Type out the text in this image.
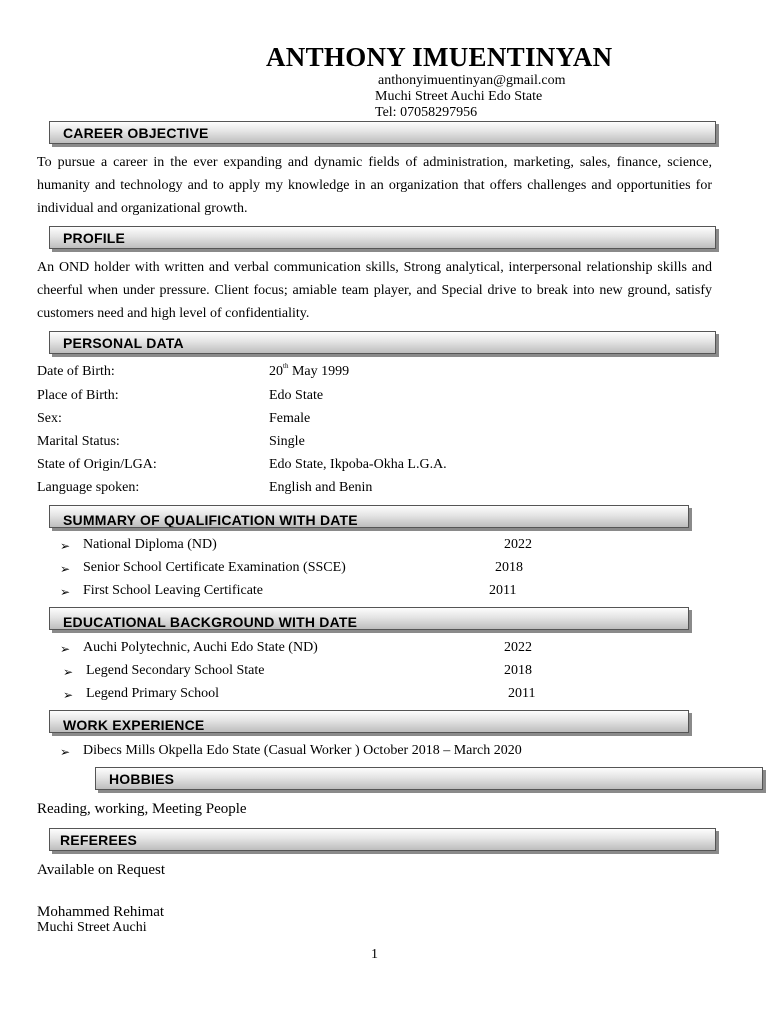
ANTHONY IMUENTINYAN
anthonyimuentinyan@gmail.com
Muchi Street Auchi Edo State
Tel: 07058297956
CAREER OBJECTIVE
To pursue a career in the ever expanding and dynamic fields of administration, marketing, sales, finance, science, humanity and technology and to apply my knowledge in an organization that offers challenges and opportunities for individual and organizational growth.
PROFILE
An OND holder with written and verbal communication skills, Strong analytical, interpersonal relationship skills and cheerful when under pressure. Client focus; amiable team player, and Special drive to break into new ground, satisfy customers need and high level of confidentiality.
PERSONAL DATA
Date of Birth:	20th May 1999
Place of Birth:	Edo State
Sex:	Female
Marital Status:	Single
State of Origin/LGA:	Edo State, Ikpoba-Okha L.G.A.
Language spoken:	English and Benin
SUMMARY OF QUALIFICATION WITH DATE
➢ National Diploma (ND)	2022
➢ Senior School Certificate Examination (SSCE)	2018
➢ First School Leaving Certificate	2011
EDUCATIONAL BACKGROUND WITH DATE
➢ Auchi Polytechnic, Auchi Edo State (ND)	2022
➢ Legend Secondary School State	2018
➢ Legend Primary School	2011
WORK EXPERIENCE
➢ Dibecs Mills Okpella Edo State (Casual Worker ) October 2018 – March 2020
HOBBIES
Reading, working, Meeting People
REFEREES
Available on Request
Mohammed Rehimat
Muchi Street Auchi
1
